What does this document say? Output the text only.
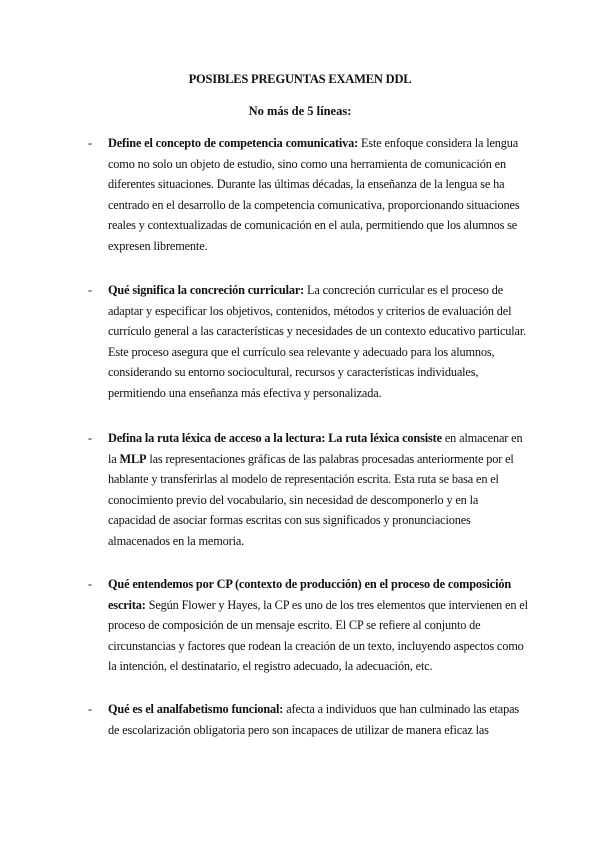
POSIBLES PREGUNTAS EXAMEN DDL
No más de 5 líneas:
- Define el concepto de competencia comunicativa: Este enfoque considera la lengua como no solo un objeto de estudio, sino como una herramienta de comunicación en diferentes situaciones. Durante las últimas décadas, la enseñanza de la lengua se ha centrado en el desarrollo de la competencia comunicativa, proporcionando situaciones reales y contextualizadas de comunicación en el aula, permitiendo que los alumnos se expresen libremente.
- Qué significa la concreción curricular: La concreción curricular es el proceso de adaptar y especificar los objetivos, contenidos, métodos y criterios de evaluación del currículo general a las características y necesidades de un contexto educativo particular. Este proceso asegura que el currículo sea relevante y adecuado para los alumnos, considerando su entorno sociocultural, recursos y características individuales, permitiendo una enseñanza más efectiva y personalizada.
- Defina la ruta léxica de acceso a la lectura: La ruta léxica consiste en almacenar en la MLP las representaciones gráficas de las palabras procesadas anteriormente por el hablante y transferirlas al modelo de representación escrita. Esta ruta se basa en el conocimiento previo del vocabulario, sin necesidad de descomponerlo y en la capacidad de asociar formas escritas con sus significados y pronunciaciones almacenados en la memoria.
- Qué entendemos por CP (contexto de producción) en el proceso de composición escrita: Según Flower y Hayes, la CP es uno de los tres elementos que intervienen en el proceso de composición de un mensaje escrito. El CP se refiere al conjunto de circunstancias y factores que rodean la creación de un texto, incluyendo aspectos como la intención, el destinatario, el registro adecuado, la adecuación, etc.
- Qué es el analfabetismo funcional: afecta a individuos que han culminado las etapas de escolarización obligatoria pero son incapaces de utilizar de manera eficaz las
